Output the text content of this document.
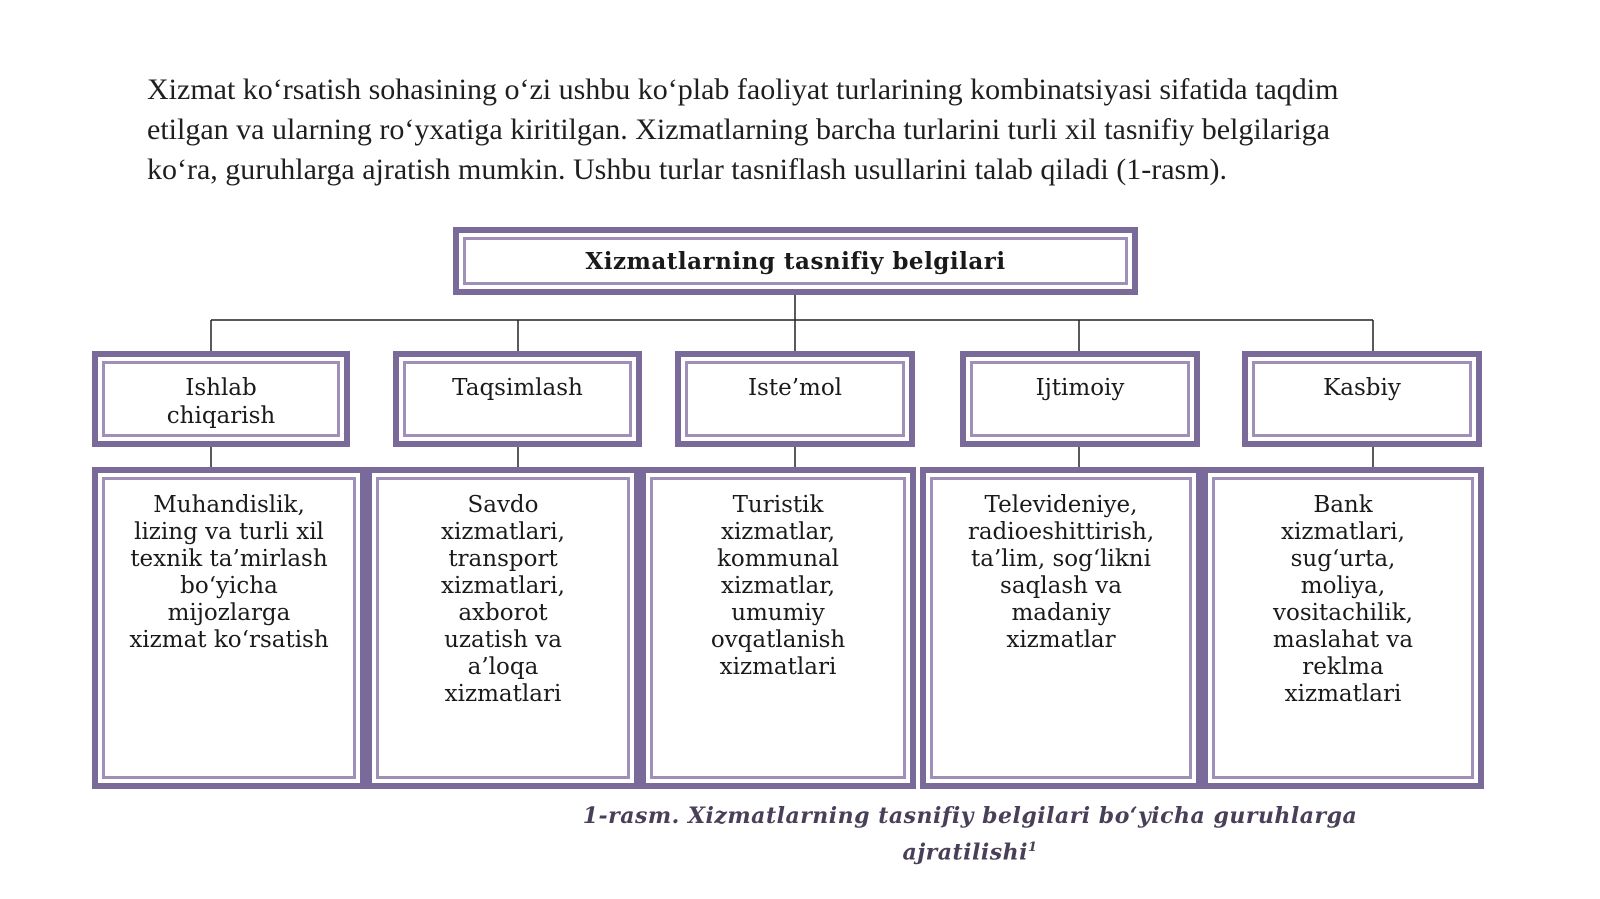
Xizmat ko‘rsatish sohasining o‘zi ushbu ko‘plab faoliyat turlarining kombinatsiyasi sifatida taqdim
etilgan va ularning ro‘yxatiga kiritilgan. Xizmatlarning barcha turlarini turli xil tasnifiy belgilariga
ko‘ra, guruhlarga ajratish mumkin. Ushbu turlar tasniflash usullarini talab qiladi (1-rasm).
Xizmatlarning tasnifiy belgilari
Ishlab chiqarish
Taqsimlash	Iste’mol	Ijtimoiy	Kasbiy
Muhandislik, lizing va turli xil texnik ta’mirlash bo‘yicha mijozlarga xizmat ko‘rsatish
Savdo xizmatlari, transport xizmatlari, axborot uzatish va a’loqa xizmatlari
Turistik xizmatlar, kommunal xizmatlar, umumiy ovqatlanish xizmatlari
Televideniye, radioeshittirish, ta’lim, sog‘likni saqlash va madaniy xizmatlar
Bank xizmatlari, sug‘urta, moliya, vositachilik, maslahat va reklma xizmatlari
1-rasm. Xizmatlarning tasnifiy belgilari bo‘yicha guruhlarga
ajratilishi$^1$
